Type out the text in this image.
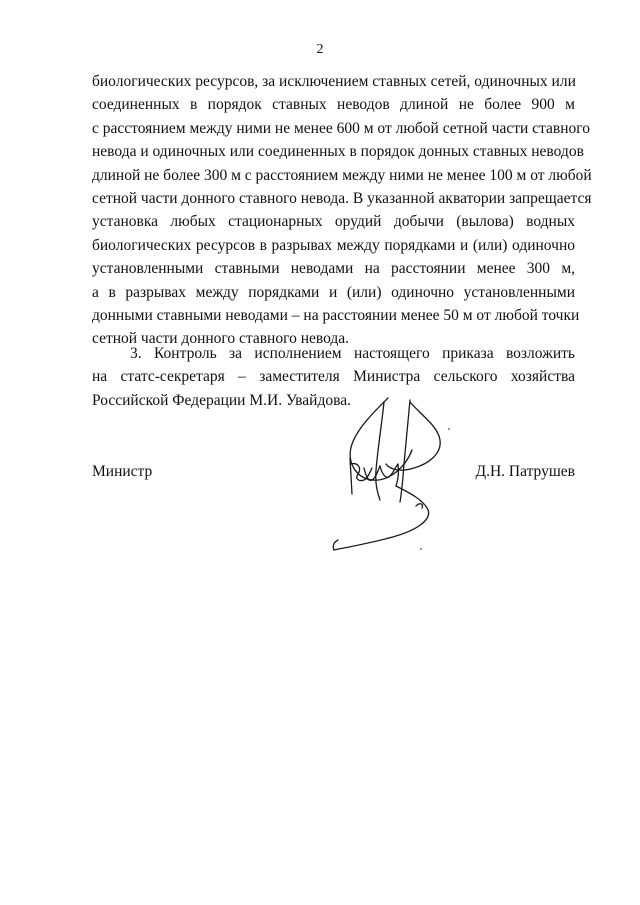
2
биологических ресурсов, за исключением ставных сетей, одиночных или
соединенных в порядок ставных неводов длиной не более 900 м
с расстоянием между ними не менее 600 м от любой сетной части ставного
невода и одиночных или соединенных в порядок донных ставных неводов
длиной не более 300 м с расстоянием между ними не менее 100 м от любой
сетной части донного ставного невода. В указанной акватории запрещается
установка любых стационарных орудий добычи (вылова) водных
биологических ресурсов в разрывах между порядками и (или) одиночно
установленными ставными неводами на расстоянии менее 300 м,
а в разрывах между порядками и (или) одиночно установленными
донными ставными неводами – на расстоянии менее 50 м от любой точки
сетной части донного ставного невода.
3. Контроль за исполнением настоящего приказа возложить
на статс-секретаря – заместителя Министра сельского хозяйства
Российской Федерации М.И. Увайдова.
Министр	Д.Н. Патрушев
